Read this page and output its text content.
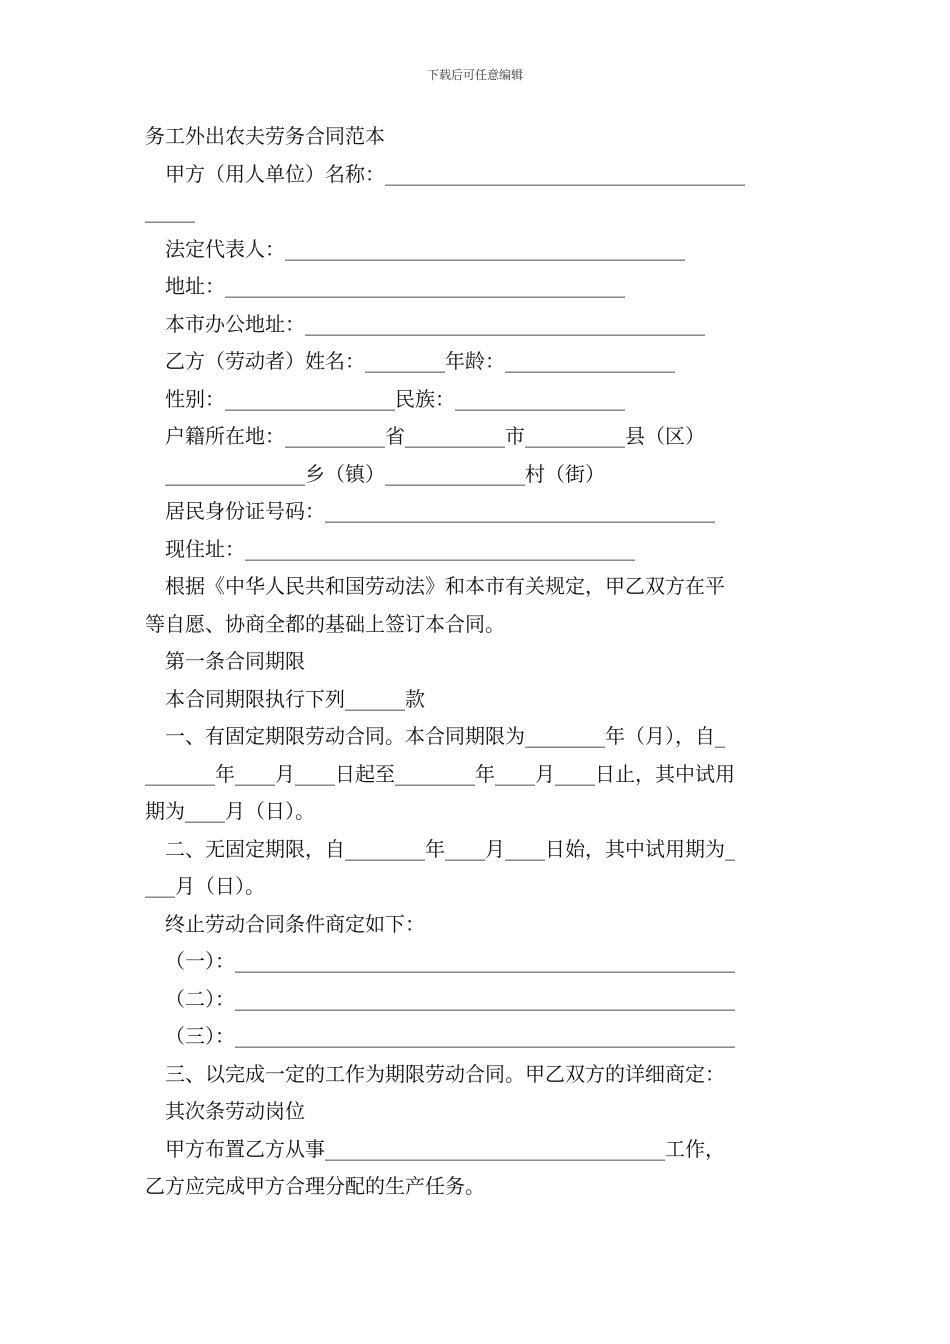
下载后可任意编辑
务工外出农夫劳务合同范本
甲方（用人单位）名称：____________________________________
_____
法定代表人：________________________________________
地址：________________________________________
本市办公地址：________________________________________
乙方（劳动者）姓名：________年龄：_________________
性别：_________________民族：_________________
户籍所在地：__________省__________市__________县（区）
______________乡（镇）______________村（街）
居民身份证号码：_______________________________________
现住址：_______________________________________
根据《中华人民共和国劳动法》和本市有关规定，甲乙双方在平
等自愿、协商全都的基础上签订本合同。
第一条合同期限
本合同期限执行下列______款
一、有固定期限劳动合同。本合同期限为________年（月），自_
_______年____月____日起至________年____月____日止，其中试用
期为____月（日）。
二、无固定期限，自________年____月____日始，其中试用期为_
___月（日）。
终止劳动合同条件商定如下：
（一）：__________________________________________________
（二）：__________________________________________________
（三）：__________________________________________________
三、以完成一定的工作为期限劳动合同。甲乙双方的详细商定：
其次条劳动岗位
甲方布置乙方从事__________________________________工作，
乙方应完成甲方合理分配的生产任务。
